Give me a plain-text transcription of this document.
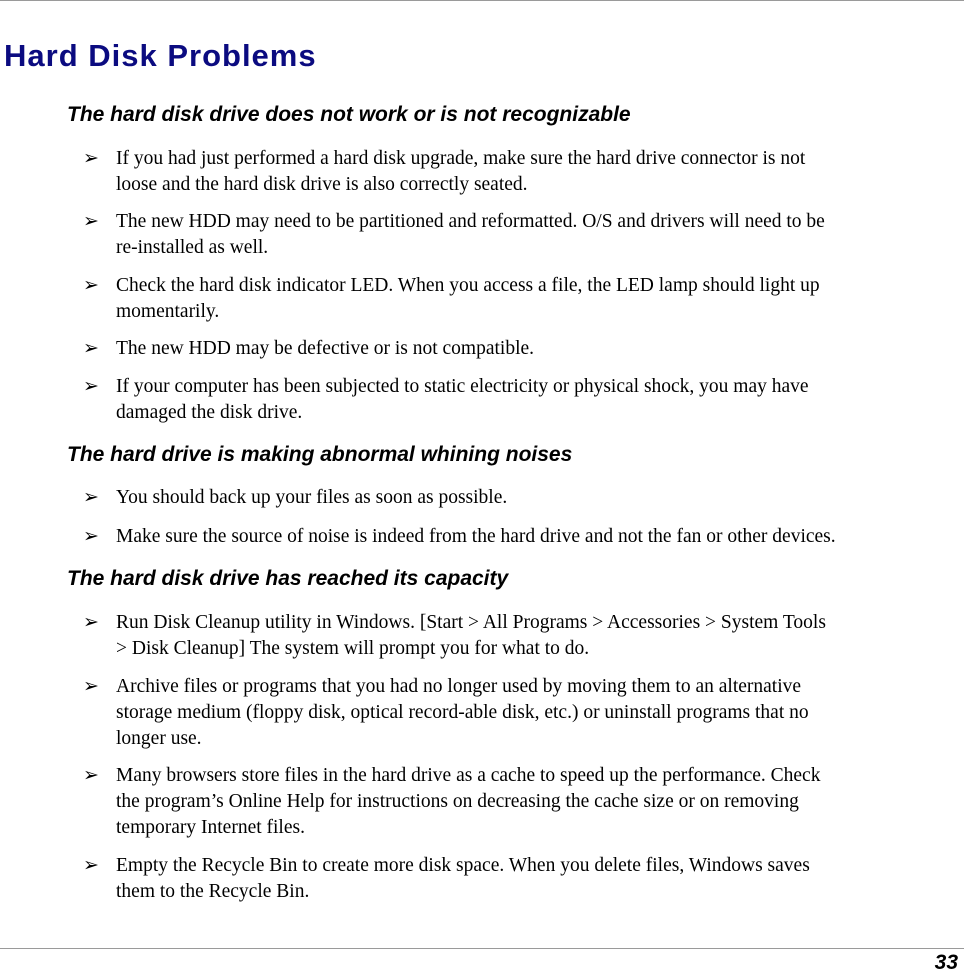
Hard Disk Problems
The hard disk drive does not work or is not recognizable
➢ If you had just performed a hard disk upgrade, make sure the hard drive connector is not
loose and the hard disk drive is also correctly seated.
➢ The new HDD may need to be partitioned and reformatted. O/S and drivers will need to be
re-installed as well.
➢ Check the hard disk indicator LED. When you access a file, the LED lamp should light up
momentarily.
➢ The new HDD may be defective or is not compatible.
➢ If your computer has been subjected to static electricity or physical shock, you may have
damaged the disk drive.
The hard drive is making abnormal whining noises
➢ You should back up your files as soon as possible.
➢ Make sure the source of noise is indeed from the hard drive and not the fan or other devices.
The hard disk drive has reached its capacity
➢ Run Disk Cleanup utility in Windows. [Start > All Programs > Accessories > System Tools
> Disk Cleanup] The system will prompt you for what to do.
➢ Archive files or programs that you had no longer used by moving them to an alternative
storage medium (floppy disk, optical record-able disk, etc.) or uninstall programs that no
longer use.
➢ Many browsers store files in the hard drive as a cache to speed up the performance. Check
the program’s Online Help for instructions on decreasing the cache size or on removing
temporary Internet files.
➢ Empty the Recycle Bin to create more disk space. When you delete files, Windows saves
them to the Recycle Bin.
33
